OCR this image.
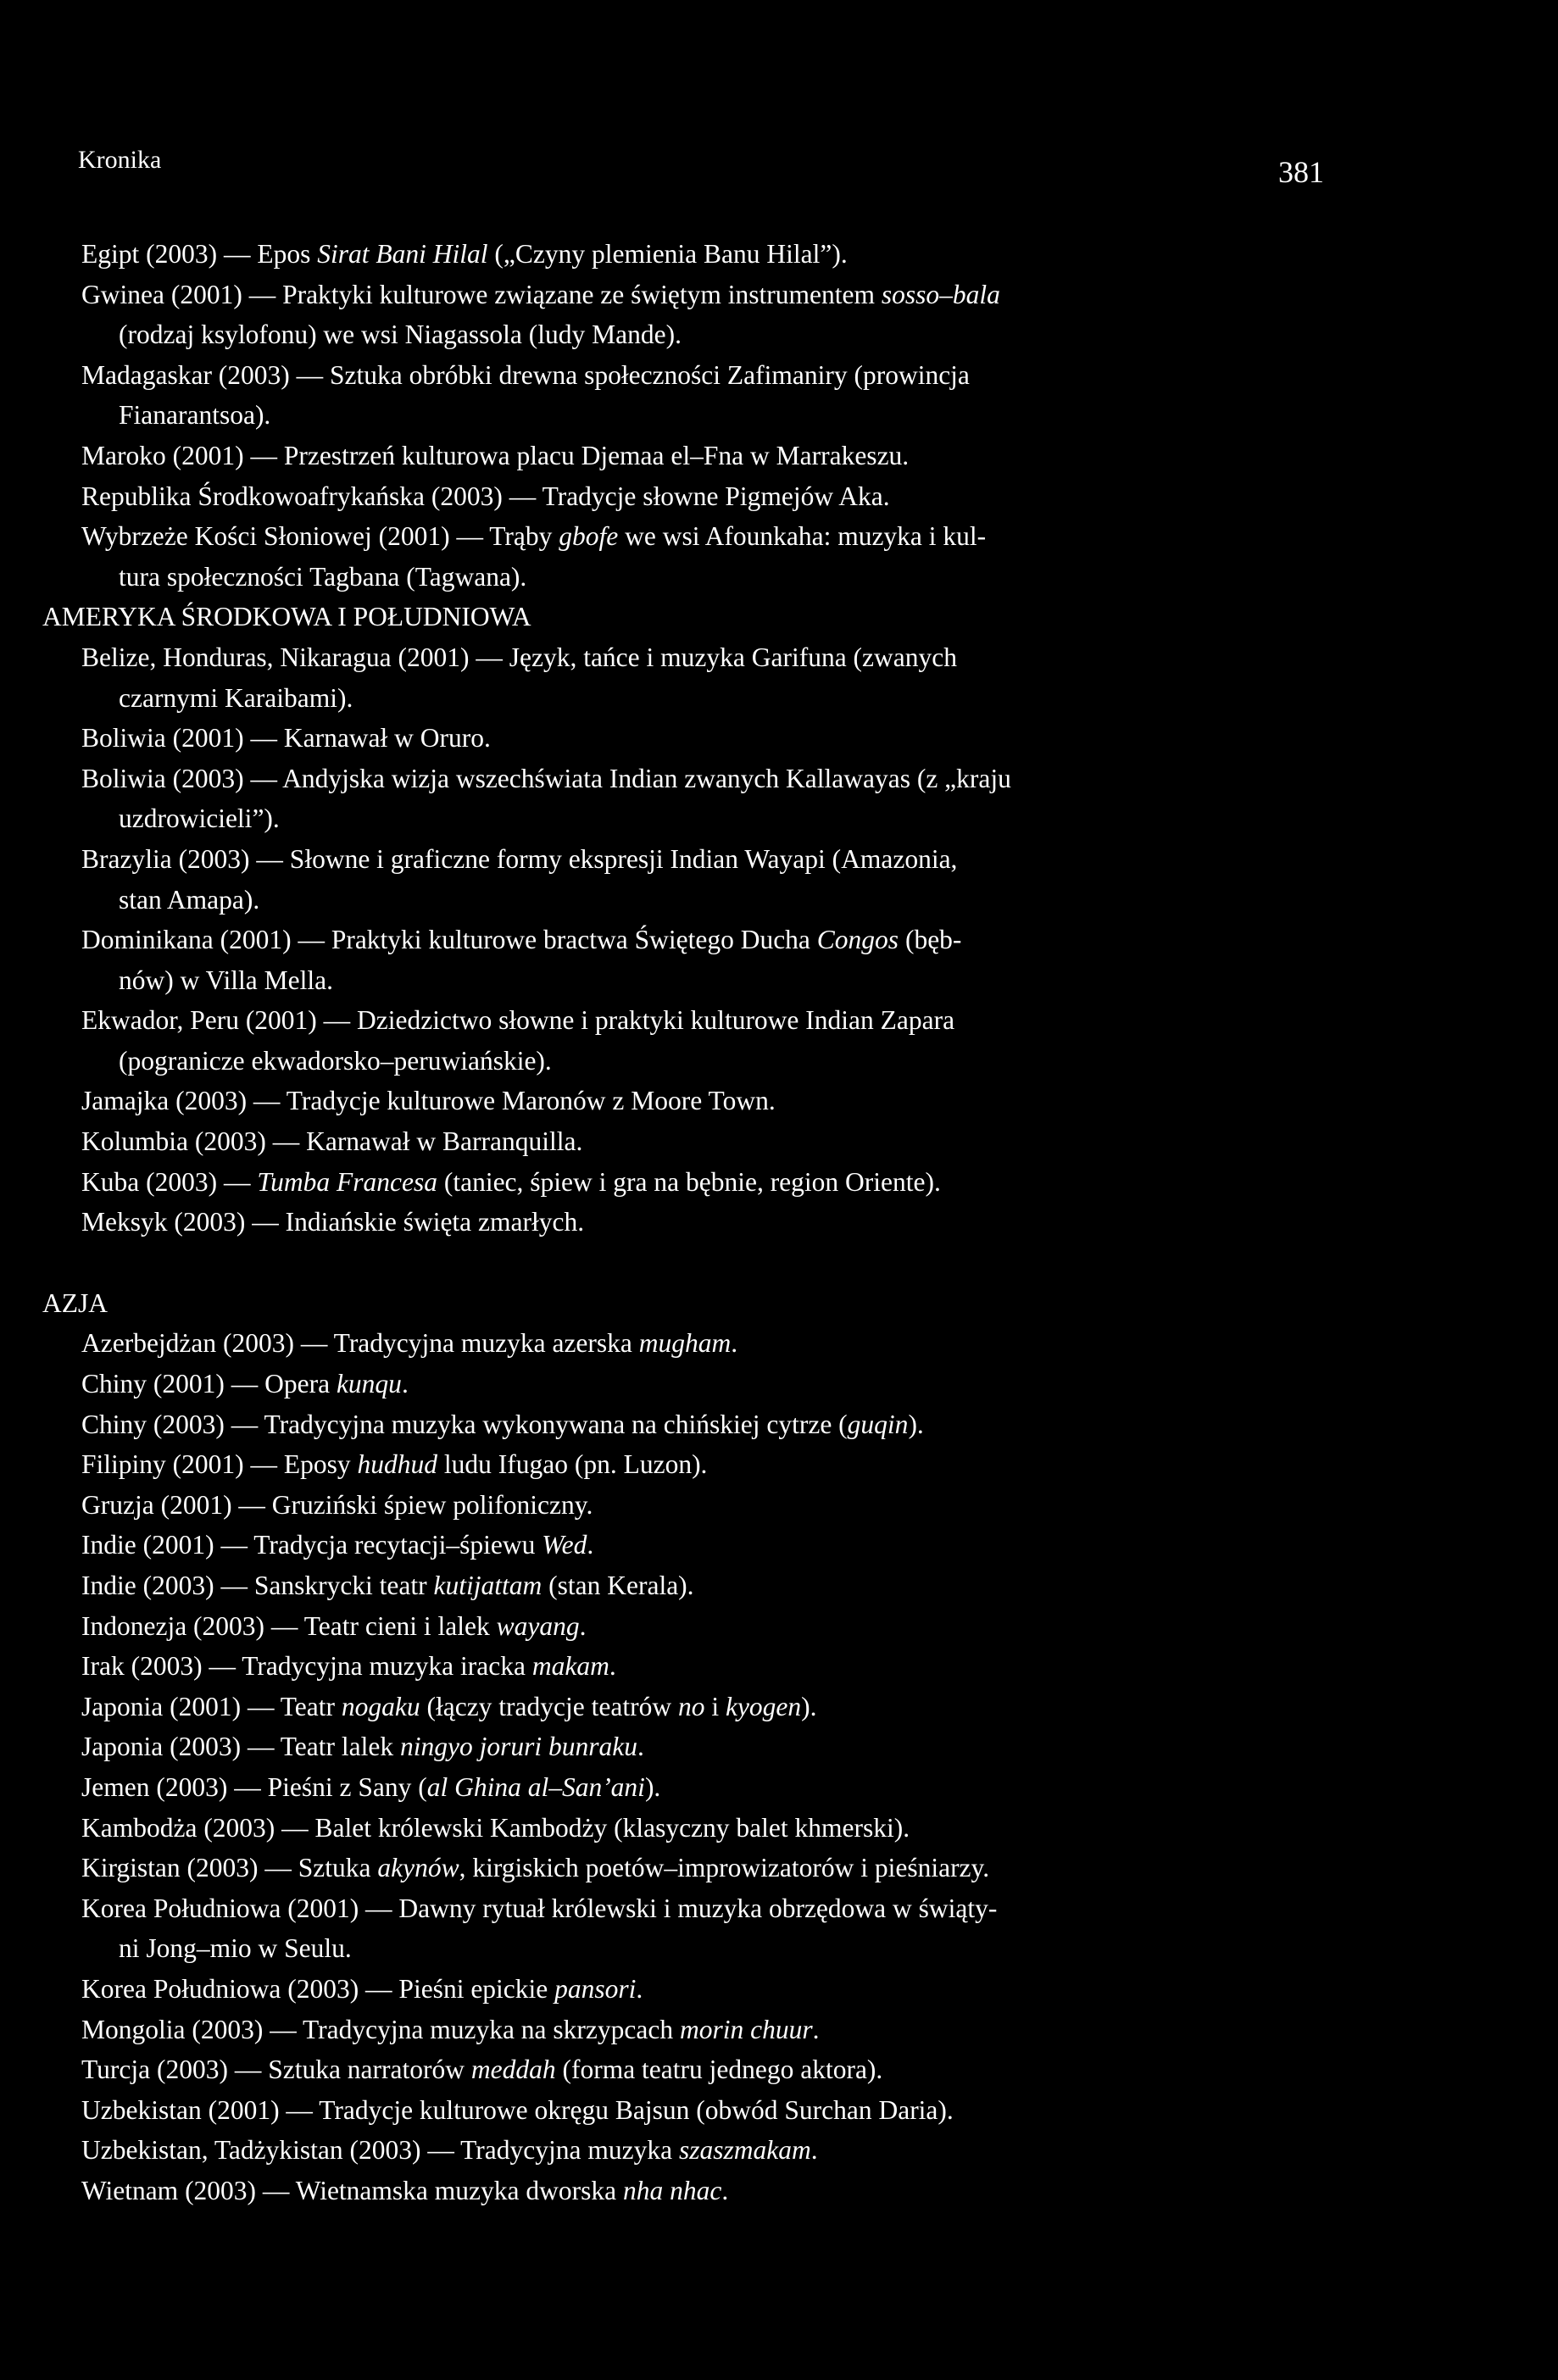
Kronika	381
Egipt (2003) — Epos Sirat Bani Hilal („Czyny plemienia Banu Hilal”).
Gwinea (2001) — Praktyki kulturowe związane ze świętym instrumentem sosso–bala
(rodzaj ksylofonu) we wsi Niagassola (ludy Mande).
Madagaskar (2003) — Sztuka obróbki drewna społeczności Zafimaniry (prowincja
Fianarantsoa).
Maroko (2001) — Przestrzeń kulturowa placu Djemaa el–Fna w Marrakeszu.
Republika Środkowoafrykańska (2003) — Tradycje słowne Pigmejów Aka.
Wybrzeże Kości Słoniowej (2001) — Trąby gbofe we wsi Afounkaha: muzyka i kul-
tura społeczności Tagbana (Tagwana).
AMERYKA ŚRODKOWA I POŁUDNIOWA
Belize, Honduras, Nikaragua (2001) — Język, tańce i muzyka Garifuna (zwanych
czarnymi Karaibami).
Boliwia (2001) — Karnawał w Oruro.
Boliwia (2003) — Andyjska wizja wszechświata Indian zwanych Kallawayas (z „kraju
uzdrowicieli”).
Brazylia (2003) — Słowne i graficzne formy ekspresji Indian Wayapi (Amazonia,
stan Amapa).
Dominikana (2001) — Praktyki kulturowe bractwa Świętego Ducha Congos (bęb-
nów) w Villa Mella.
Ekwador, Peru (2001) — Dziedzictwo słowne i praktyki kulturowe Indian Zapara
(pogranicze ekwadorsko–peruwiańskie).
Jamajka (2003) — Tradycje kulturowe Maronów z Moore Town.
Kolumbia (2003) — Karnawał w Barranquilla.
Kuba (2003) — Tumba Francesa (taniec, śpiew i gra na bębnie, region Oriente).
Meksyk (2003) — Indiańskie święta zmarłych.
AZJA
Azerbejdżan (2003) — Tradycyjna muzyka azerska mugham.
Chiny (2001) — Opera kunqu.
Chiny (2003) — Tradycyjna muzyka wykonywana na chińskiej cytrze (guqin).
Filipiny (2001) — Eposy hudhud ludu Ifugao (pn. Luzon).
Gruzja (2001) — Gruziński śpiew polifoniczny.
Indie (2001) — Tradycja recytacji–śpiewu Wed.
Indie (2003) — Sanskrycki teatr kutijattam (stan Kerala).
Indonezja (2003) — Teatr cieni i lalek wayang.
Irak (2003) — Tradycyjna muzyka iracka makam.
Japonia (2001) — Teatr nogaku (łączy tradycje teatrów no i kyogen).
Japonia (2003) — Teatr lalek ningyo joruri bunraku.
Jemen (2003) — Pieśni z Sany (al Ghina al–San’ani).
Kambodża (2003) — Balet królewski Kambodży (klasyczny balet khmerski).
Kirgistan (2003) — Sztuka akynów, kirgiskich poetów–improwizatorów i pieśniarzy.
Korea Południowa (2001) — Dawny rytuał królewski i muzyka obrzędowa w świąty-
ni Jong–mio w Seulu.
Korea Południowa (2003) — Pieśni epickie pansori.
Mongolia (2003) — Tradycyjna muzyka na skrzypcach morin chuur.
Turcja (2003) — Sztuka narratorów meddah (forma teatru jednego aktora).
Uzbekistan (2001) — Tradycje kulturowe okręgu Bajsun (obwód Surchan Daria).
Uzbekistan, Tadżykistan (2003) — Tradycyjna muzyka szaszmakam.
Wietnam (2003) — Wietnamska muzyka dworska nha nhac.
